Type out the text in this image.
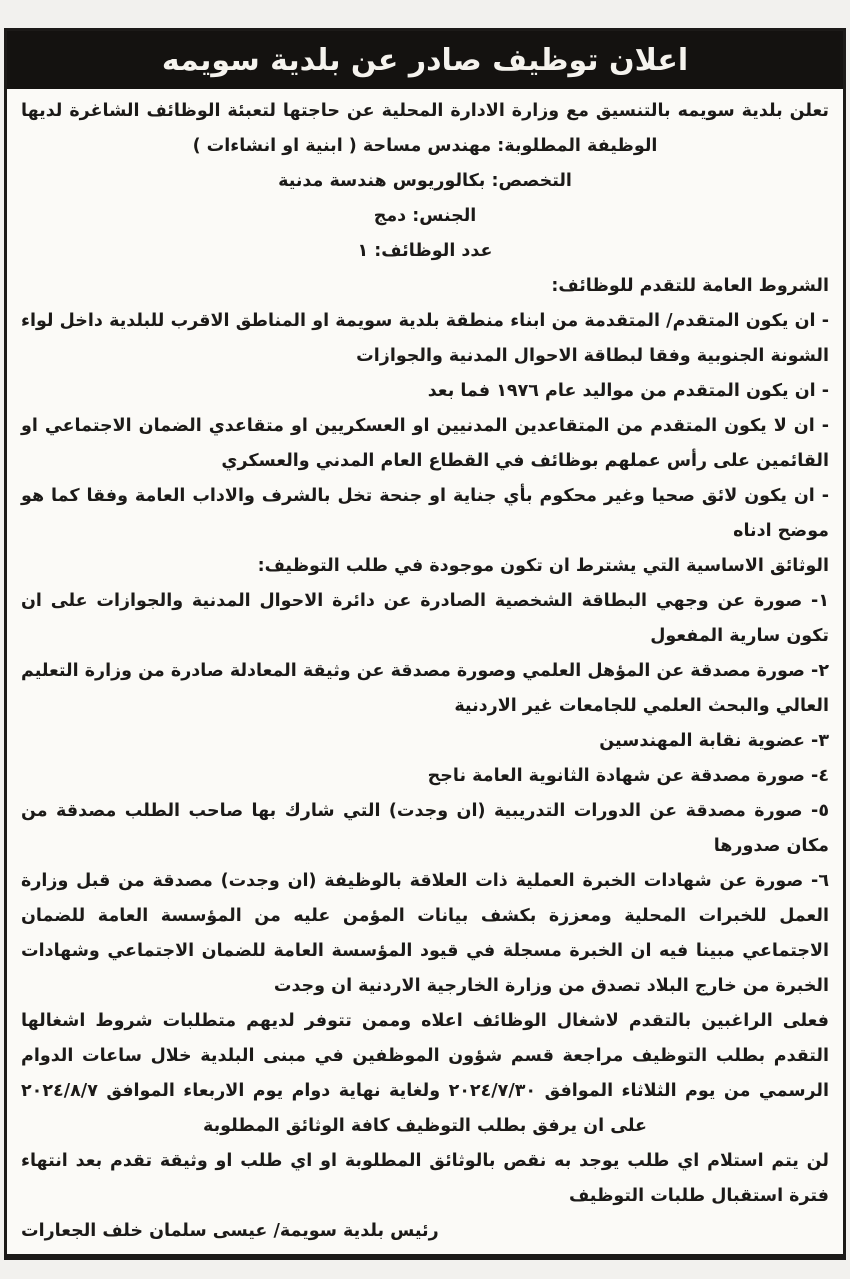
اعلان توظيف صادر عن بلدية سويمه

تعلن بلدية سويمه بالتنسيق مع وزارة الادارة المحلية عن حاجتها لتعبئة الوظائف الشاغرة لديها

الوظيفة المطلوبة: مهندس مساحة ( ابنية او انشاءات )

التخصص: بكالوريوس هندسة مدنية

الجنس: دمج

عدد الوظائف: ١

الشروط العامة للتقدم للوظائف:

- ان يكون المتقدم/ المتقدمة من ابناء منطقة بلدية سويمة او المناطق الاقرب للبلدية داخل لواء الشونة الجنوبية وفقا لبطاقة الاحوال المدنية والجوازات

- ان يكون المتقدم من مواليد عام ١٩٧٦ فما بعد

- ان لا يكون المتقدم من المتقاعدين المدنيين او العسكريين او متقاعدي الضمان الاجتماعي او القائمين على رأس عملهم بوظائف في القطاع العام المدني والعسكري

- ان يكون لائق صحيا وغير محكوم بأي جناية او جنحة تخل بالشرف والاداب العامة وفقا كما هو موضح ادناه

الوثائق الاساسية التي يشترط ان تكون موجودة في طلب التوظيف:

١- صورة عن وجهي البطاقة الشخصية الصادرة عن دائرة الاحوال المدنية والجوازات على ان تكون سارية المفعول

٢- صورة مصدقة عن المؤهل العلمي وصورة مصدقة عن وثيقة المعادلة صادرة من وزارة التعليم العالي والبحث العلمي للجامعات غير الاردنية

٣- عضوية نقابة المهندسين

٤- صورة مصدقة عن شهادة الثانوية العامة ناجح

٥- صورة مصدقة عن الدورات التدريبية (ان وجدت) التي شارك بها صاحب الطلب مصدقة من مكان صدورها

٦- صورة عن شهادات الخبرة العملية ذات العلاقة بالوظيفة (ان وجدت) مصدقة من قبل وزارة العمل للخبرات المحلية ومعززة بكشف بيانات المؤمن عليه من المؤسسة العامة للضمان الاجتماعي مبينا فيه ان الخبرة مسجلة في قيود المؤسسة العامة للضمان الاجتماعي وشهادات الخبرة من خارج البلاد تصدق من وزارة الخارجية الاردنية ان وجدت

فعلى الراغبين بالتقدم لاشغال الوظائف اعلاه وممن تتوفر لديهم متطلبات شروط اشغالها التقدم بطلب التوظيف مراجعة قسم شؤون الموظفين في مبنى البلدية خلال ساعات الدوام الرسمي من يوم الثلاثاء الموافق ٢٠٢٤/٧/٣٠ ولغاية نهاية دوام يوم الاربعاء الموافق ٢٠٢٤/٨/٧ على ان يرفق بطلب التوظيف كافة الوثائق المطلوبة

لن يتم استلام اي طلب يوجد به نقص بالوثائق المطلوبة او اي طلب او وثيقة تقدم بعد انتهاء فترة استقبال طلبات التوظيف

رئيس بلدية سويمة/ عيسى سلمان خلف الجعارات
